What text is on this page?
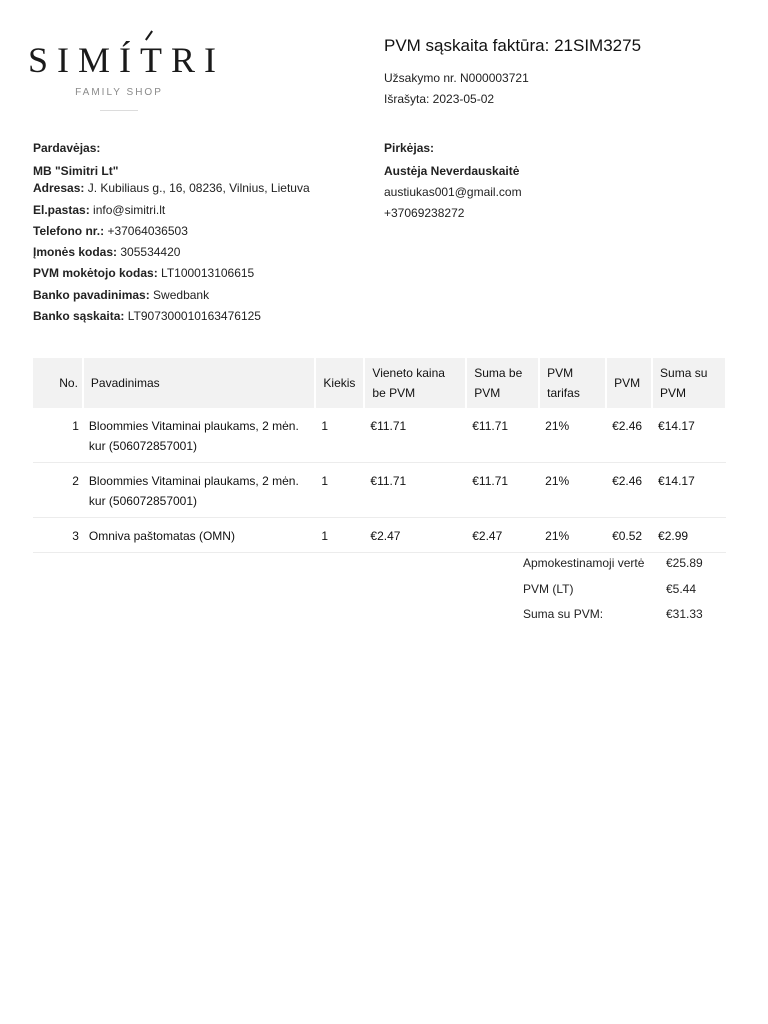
SIMÍTRI
FAMILY SHOP
PVM sąskaita faktūra: 21SIM3275
Užsakymo nr. N000003721
Išrašyta: 2023-05-02
Pardavėjas:
MB "Simitri Lt"
Adresas: J. Kubiliaus g., 16, 08236, Vilnius, Lietuva
El.pastas: info@simitri.lt
Telefono nr.: +37064036503
Įmonės kodas: 305534420
PVM mokėtojo kodas: LT100013106615
Banko pavadinimas: Swedbank
Banko sąskaita: LT907300010163476125
Pirkėjas:
Austėja Neverdauskaitė
austiukas001@gmail.com
+37069238272
No.	Pavadinimas	Kiekis	Vieneto kaina be PVM	Suma be PVM	PVM tarifas	PVM	Suma su PVM
1	Bloommies Vitaminai plaukams, 2 mėn. kur (506072857001)	1	€11.71	€11.71	21%	€2.46	€14.17
2	Bloommies Vitaminai plaukams, 2 mėn. kur (506072857001)	1	€11.71	€11.71	21%	€2.46	€14.17
3	Omniva paštomatas (OMN)	1	€2.47	€2.47	21%	€0.52	€2.99
Apmokestinamoji vertė €25.89
PVM (LT)	€5.44
Suma su PVM:	€31.33
